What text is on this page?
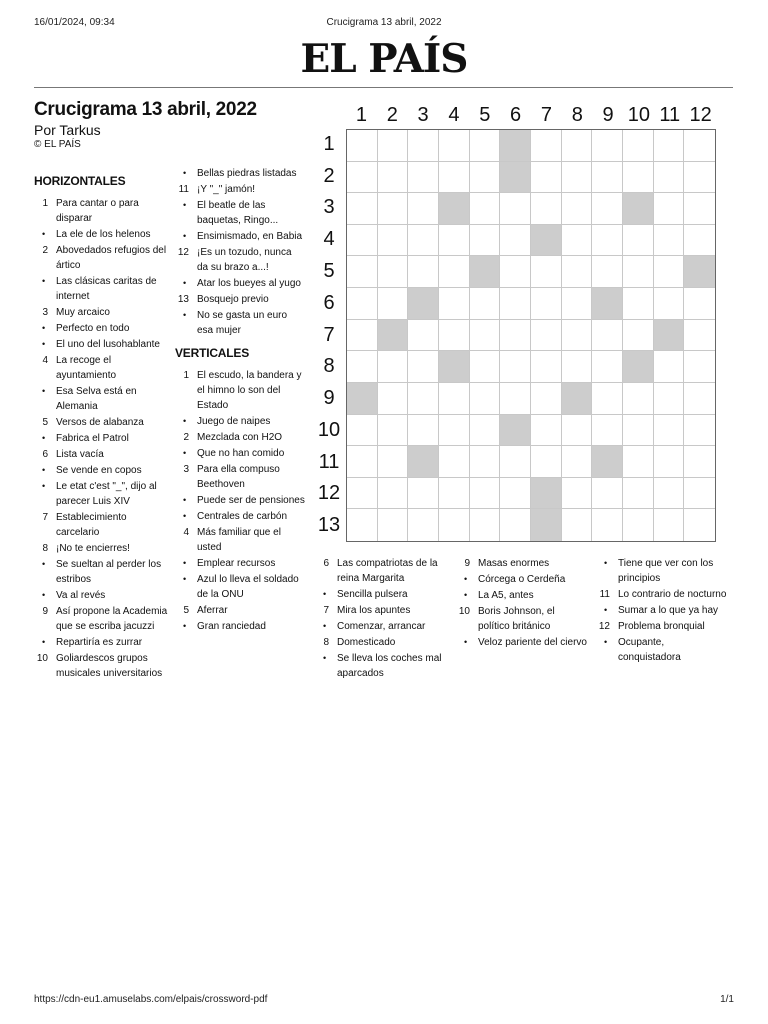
16/01/2024, 09:34	Crucigrama 13 abril, 2022
EL PAÍS
Crucigrama 13 abril, 2022
Por Tarkus
© EL PAÍS
HORIZONTALES
1 Para cantar o para disparar
• La ele de los helenos
2 Abovedados refugios del ártico
• Las clásicas caritas de internet
3 Muy arcaico
• Perfecto en todo
• El uno del lusohablante
4 La recoge el ayuntamiento
• Esa Selva está en Alemania
5 Versos de alabanza
• Fabrica el Patrol
6 Lista vacía
• Se vende en copos
• Le etat c'est "_", dijo al parecer Luis XIV
7 Establecimiento carcelario
8 ¡No te encierres!
• Se sueltan al perder los estribos
• Va al revés
9 Así propone la Academia que se escriba jacuzzi
• Repartiría es zurrar
10 Goliardescos grupos musicales universitarios
• Bellas piedras listadas
11 ¡Y "_" jamón!
• El beatle de las baquetas, Ringo...
• Ensimismado, en Babia
12 ¡Es un tozudo, nunca da su brazo a...!
• Atar los bueyes al yugo
13 Bosquejo previo
• No se gasta un euro esa mujer
VERTICALES
1 El escudo, la bandera y el himno lo son del Estado
• Juego de naipes
2 Mezclada con H2O
• Que no han comido
3 Para ella compuso Beethoven
• Puede ser de pensiones
• Centrales de carbón
4 Más familiar que el usted
• Emplear recursos
• Azul lo lleva el soldado de la ONU
5 Aferrar
• Gran ranciedad
6 Las compatriotas de la reina Margarita
• Sencilla pulsera
7 Mira los apuntes
• Comenzar, arrancar
8 Domesticado
• Se lleva los coches mal aparcados
9 Masas enormes
• Córcega o Cerdeña
• La A5, antes
10 Boris Johnson, el político británico
• Veloz pariente del ciervo
• Tiene que ver con los principios
11 Lo contrario de nocturno
• Sumar a lo que ya hay
12 Problema bronquial
• Ocupante, conquistadora
1 2 3 4 5 6 7 8 9 10 11 12
1
2
3
4
5
6
7
8
9
10
11
12
13
https://cdn-eu1.amuselabs.com/elpais/crossword-pdf	1/1
